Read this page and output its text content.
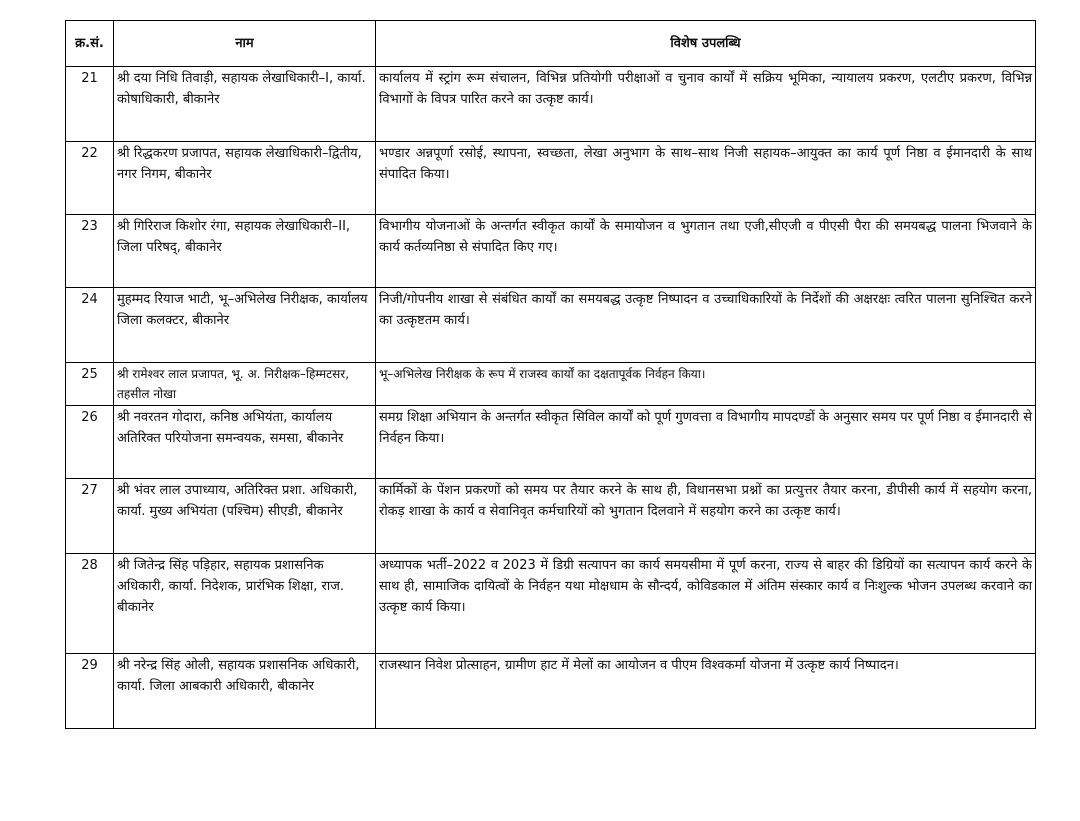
क्र.सं.	नाम	विशेष उपलब्धि
21	श्री दया निधि तिवाड़ी, सहायक लेखाधिकारी–I, कार्या. कोषाधिकारी, बीकानेर	कार्यालय में स्ट्रांग रूम संचालन, विभिन्न प्रतियोगी परीक्षाओं व चुनाव कार्यों में सक्रिय भूमिका, न्यायालय प्रकरण, एलटीए प्रकरण, विभिन्न विभागों के विपत्र पारित करने का उत्कृष्ट कार्य।
22	श्री रिद्धकरण प्रजापत, सहायक लेखाधिकारी–द्वितीय, नगर निगम, बीकानेर	भण्डार अन्नपूर्णा रसोई, स्थापना, स्वच्छता, लेखा अनुभाग के साथ–साथ निजी सहायक–आयुक्त का कार्य पूर्ण निष्ठा व ईमानदारी के साथ संपादित किया।
23	श्री गिरिराज किशोर रंगा, सहायक लेखाधिकारी–II, जिला परिषद्, बीकानेर	विभागीय योजनाओं के अन्तर्गत स्वीकृत कार्यों के समायोजन व भुगतान तथा एजी,सीएजी व पीएसी पैरा की समयबद्ध पालना भिजवाने के कार्य कर्तव्यनिष्ठा से संपादित किए गए।
24	मुहम्मद रियाज भाटी, भू–अभिलेख निरीक्षक, कार्यालय जिला कलक्टर, बीकानेर	निजी/गोपनीय शाखा से संबंधित कार्यों का समयबद्ध उत्कृष्ट निष्पादन व उच्चाधिकारियों के निर्देशों की अक्षरक्षः त्वरित पालना सुनिश्चित करने का उत्कृष्टतम कार्य।
25	श्री रामेश्वर लाल प्रजापत, भू. अ. निरीक्षक–हिम्मटसर, तहसील नोखा	भू–अभिलेख निरीक्षक के रूप में राजस्व कार्यों का दक्षतापूर्वक निर्वहन किया।
26	श्री नवरतन गोदारा, कनिष्ठ अभियंता, कार्यालय अतिरिक्त परियोजना समन्वयक, समसा, बीकानेर	समग्र शिक्षा अभियान के अन्तर्गत स्वीकृत सिविल कार्यों को पूर्ण गुणवत्ता व विभागीय मापदण्डों के अनुसार समय पर पूर्ण निष्ठा व ईमानदारी से निर्वहन किया।
27	श्री भंवर लाल उपाध्याय, अतिरिक्त प्रशा. अधिकारी, कार्या. मुख्य अभियंता (पश्चिम) सीएडी, बीकानेर	कार्मिकों के पेंशन प्रकरणों को समय पर तैयार करने के साथ ही, विधानसभा प्रश्नों का प्रत्युत्तर तैयार करना, डीपीसी कार्य में सहयोग करना, रोकड़ शाखा के कार्य व सेवानिवृत कर्मचारियों को भुगतान दिलवाने में सहयोग करने का उत्कृष्ट कार्य।
28	श्री जितेन्द्र सिंह पड़िहार, सहायक प्रशासनिक अधिकारी, कार्या. निदेशक, प्रारंभिक शिक्षा, राज. बीकानेर	अध्यापक भर्ती–2022 व 2023 में डिग्री सत्यापन का कार्य समयसीमा में पूर्ण करना, राज्य से बाहर की डिग्रियों का सत्यापन कार्य करने के साथ ही, सामाजिक दायित्वों के निर्वहन यथा मोक्षधाम के सौन्दर्य, कोविडकाल में अंतिम संस्कार कार्य व निःशुल्क भोजन उपलब्ध करवाने का उत्कृष्ट कार्य किया।
29	श्री नरेन्द्र सिंह ओली, सहायक प्रशासनिक अधिकारी, कार्या. जिला आबकारी अधिकारी, बीकानेर	राजस्थान निवेश प्रोत्साहन, ग्रामीण हाट में मेलों का आयोजन व पीएम विश्वकर्मा योजना में उत्कृष्ट कार्य निष्पादन।
